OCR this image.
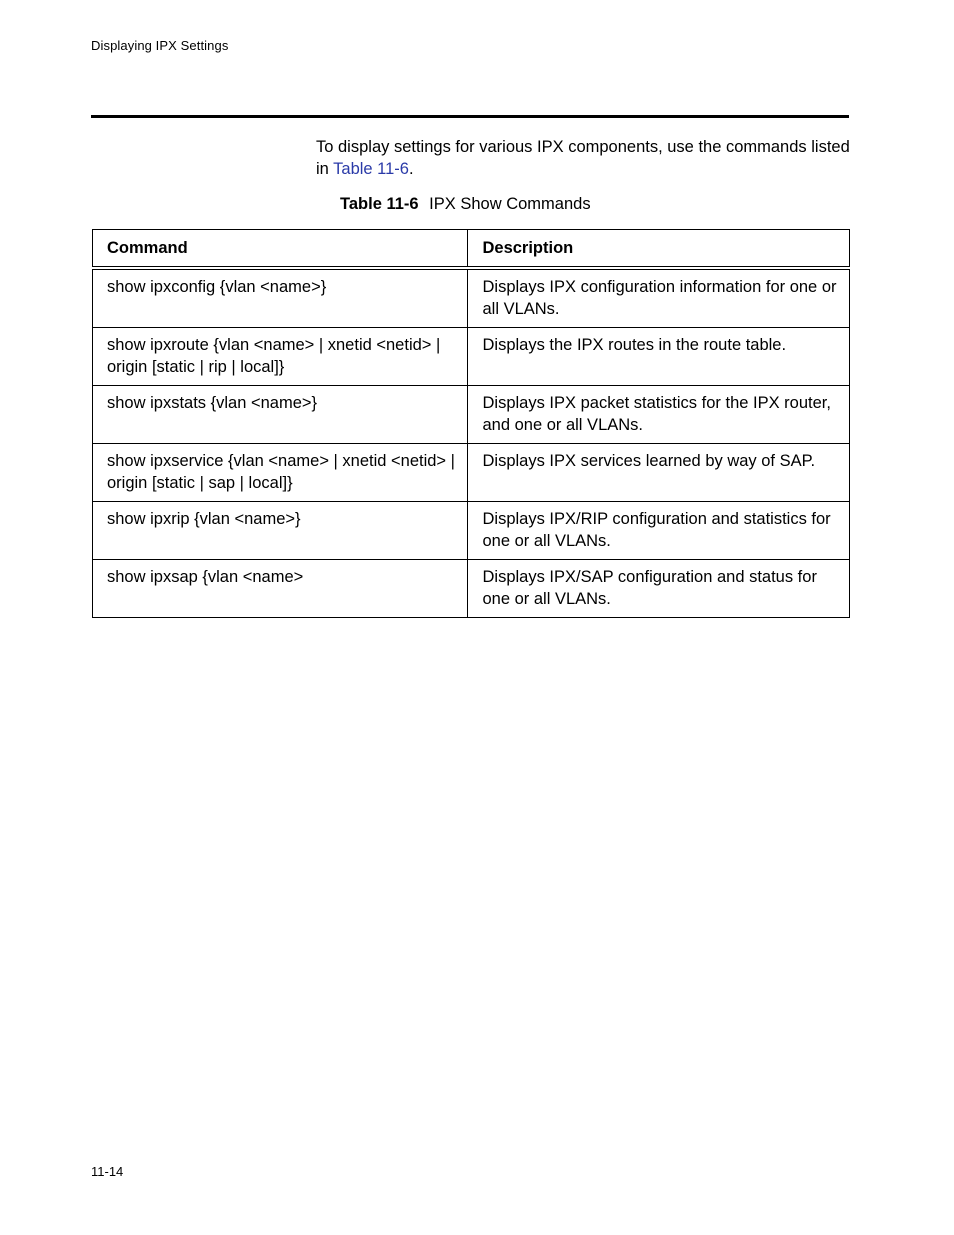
Displaying IPX Settings

To display settings for various IPX components, use the commands listed in Table 11-6.

Table 11-6 IPX Show Commands
Command	Description
show ipxconfig {vlan <name>}	Displays IPX configuration information for one or all VLANs.
show ipxroute {vlan <name> | xnetid <netid> | origin [static | rip | local]}	Displays the IPX routes in the route table.
show ipxstats {vlan <name>}	Displays IPX packet statistics for the IPX router, and one or all VLANs.
show ipxservice {vlan <name> | xnetid <netid> | origin [static | sap | local]}	Displays IPX services learned by way of SAP.
show ipxrip {vlan <name>}	Displays IPX/RIP configuration and statistics for one or all VLANs.
show ipxsap {vlan <name>	Displays IPX/SAP configuration and status for one or all VLANs.
11-14
